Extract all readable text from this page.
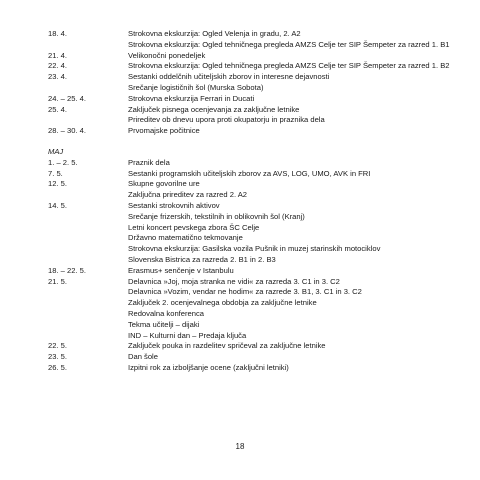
18. 4.	Strokovna ekskurzija: Ogled Velenja in gradu, 2. A2
Strokovna ekskurzija: Ogled tehničnega pregleda AMZS Celje ter SIP Šempeter za razred 1. B1
21. 4.	Velikonočni ponedeljek
22. 4.	Strokovna ekskurzija: Ogled tehničnega pregleda AMZS Celje ter SIP Šempeter za razred 1. B2
23. 4.	Sestanki oddelčnih učiteljskih zborov in interesne dejavnosti
Srečanje logističnih šol (Murska Sobota)
24. – 25. 4.	Strokovna ekskurzija Ferrari in Ducati
25. 4.	Zaključek pisnega ocenjevanja za zaključne letnike
Prireditev ob dnevu upora proti okupatorju in praznika dela
28. – 30. 4.	Prvomajske počitnice
MAJ
1. – 2. 5.	Praznik dela
7. 5.	Sestanki programskih učiteljskih zborov za AVS, LOG, UMO, AVK in FRI
12. 5.	Skupne govorilne ure
Zaključna prireditev za razred 2. A2
14. 5.	Sestanki strokovnih aktivov
Srečanje frizerskih, tekstilnih in oblikovnih šol (Kranj)
Letni koncert pevskega zbora ŠC Celje
Državno matematično tekmovanje
Strokovna ekskurzija: Gasilska vozila Pušnik in muzej starinskih motociklov
Slovenska Bistrica za razreda 2. B1 in 2. B3
18. – 22. 5.	Erasmus+ senčenje v Istanbulu
21. 5.	Delavnica »Joj, moja stranka ne vidi« za razreda 3. C1 in 3. C2
Delavnica »Vozim, vendar ne hodim« za razrede 3. B1, 3. C1 in 3. C2
Zaključek 2. ocenjevalnega obdobja za zaključne letnike
Redovalna konferenca
Tekma učitelji – dijaki
IND – Kulturni dan – Predaja ključa
22. 5.	Zaključek pouka in razdelitev spričeval za zaključne letnike
23. 5.	Dan šole
26. 5.	Izpitni rok za izboljšanje ocene (zaključni letniki)
18
